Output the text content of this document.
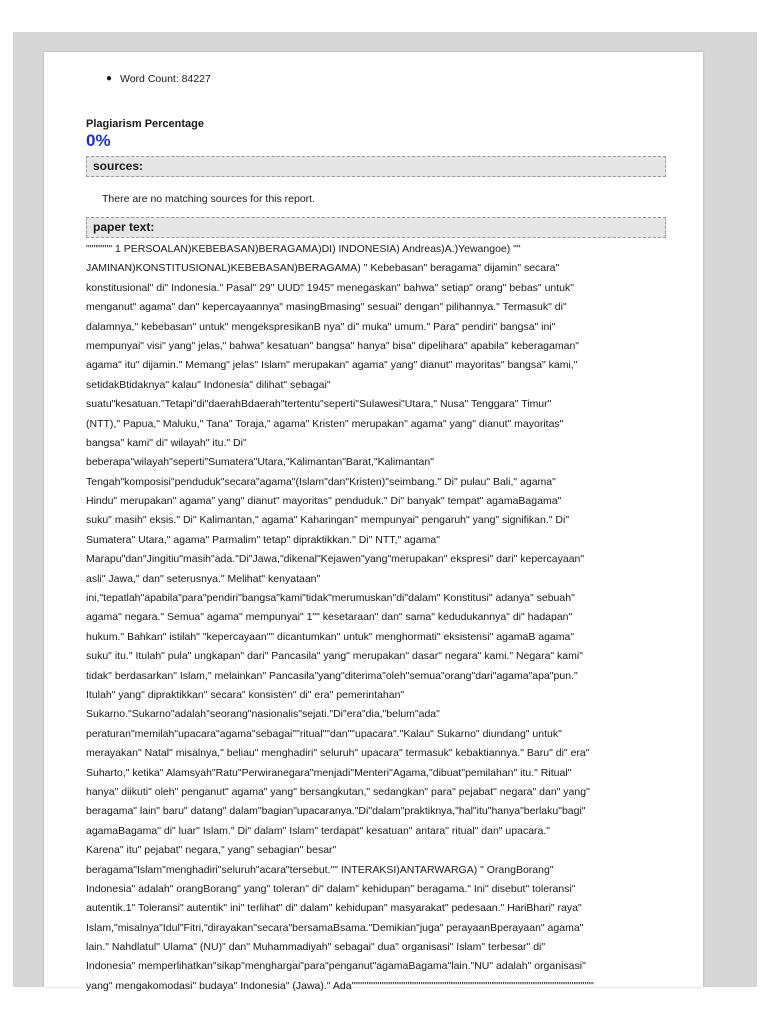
● Word Count: 84227
Plagiarism Percentage
0%
sources:
There are no matching sources for this report.
paper text:
""""""" 1 PERSOALAN)KEBEBASAN)BERAGAMA)DI) INDONESIA) Andreas)A.)Yewangoe) ""
JAMINAN)KONSTITUSIONAL)KEBEBASAN)BERAGAMA) " Kebebasan" beragama" dijamin" secara"
konstitusional" di" Indonesia." Pasal" 29" UUD" 1945" menegaskan" bahwa" setiap" orang" bebas" untuk"
menganut" agama" dan" kepercayaannya" masingBmasing" sesuai" dengan" pilihannya." Termasuk" di"
dalamnya," kebebasan" untuk" mengekspresikanB nya" di" muka" umum." Para" pendiri" bangsa" ini"
mempunyai" visi" yang" jelas," bahwa" kesatuan" bangsa" hanya" bisa" dipelihara" apabila" keberagaman"
agama" itu" dijamin." Memang" jelas" Islam" merupakan" agama" yang" dianut" mayoritas" bangsa" kami,"
setidakBtidaknya" kalau" Indonesia" dilihat" sebagai"
suatu"kesatuan."Tetapi"di"daerahBdaerah"tertentu"seperti"Sulawesi"Utara," Nusa" Tenggara" Timur"
(NTT)," Papua," Maluku," Tana" Toraja," agama" Kristen" merupakan" agama" yang" dianut" mayoritas"
bangsa" kami" di" wilayah" itu." Di"
beberapa"wilayah"seperti"Sumatera"Utara,"Kalimantan"Barat,"Kalimantan"
Tengah"komposisi"penduduk"secara"agama"(Islam"dan"Kristen)"seimbang." Di" pulau" Bali," agama"
Hindu" merupakan" agama" yang" dianut" mayoritas" penduduk." Di" banyak" tempat" agamaBagama"
suku" masih" eksis." Di" Kalimantan," agama" Kaharingan" mempunyai" pengaruh" yang" signifikan." Di"
Sumatera" Utara," agama" Parmalim" tetap" dipraktikkan." Di" NTT," agama"
Marapu"dan"Jingitiu"masih"ada."Di"Jawa,"dikenal"Kejawen"yang"merupakan" ekspresi" dari" kepercayaan"
asli" Jawa," dan" seterusnya." Melihat" kenyataan"
ini,"tepatlah"apabila"para"pendiri"bangsa"kami"tidak"merumuskan"di"dalam" Konstitusi" adanya" sebuah"
agama" negara." Semua" agama" mempunyai" 1"" kesetaraan" dan" sama" kedudukannya" di" hadapan"
hukum." Bahkan" istilah" "kepercayaan"" dicantumkan" untuk" menghormati" eksistensi" agamaB agama"
suku" itu." Itulah" pula" ungkapan" dari" Pancasila" yang" merupakan" dasar" negara" kami." Negara" kami"
tidak" berdasarkan" Islam," melainkan" Pancasila"yang"diterima"oleh"semua"orang"dari"agama"apa"pun."
Itulah" yang" dipraktikkan" secara" konsisten" di" era" pemerintahan"
Sukarno."Sukarno"adalah"seorang"nasionalis"sejati."Di"era"dia,"belum"ada"
peraturan"memilah"upacara"agama"sebagai""ritual""dan""upacara"."Kalau" Sukarno" diundang" untuk"
merayakan" Natal" misalnya," beliau" menghadiri" seluruh" upacara" termasuk" kebaktiannya." Baru" di" era"
Suharto," ketika" Alamsyah"Ratu"Perwiranegara"menjadi"Menteri"Agama,"dibuat"pemilahan" itu." Ritual"
hanya" diikuti" oleh" penganut" agama" yang" bersangkutan," sedangkan" para" pejabat" negara" dan" yang"
beragama" lain" baru" datang" dalam"bagian"upacaranya."Di"dalam"praktiknya,"hal"itu"hanya"berlaku"bagi"
agamaBagama" di" luar" Islam." Di" dalam" Islam" terdapat" kesatuan" antara" ritual" dan" upacara."
Karena" itu" pejabat" negara," yang" sebagian" besar"
beragama"Islam"menghadiri"seluruh"acara"tersebut."" INTERAKSI)ANTARWARGA) " OrangBorang"
Indonesia" adalah" orangBorang" yang" toleran" di" dalam" kehidupan" beragama." Ini" disebut" toleransi"
autentik.1" Toleransi" autentik" ini" terlihat" di" dalam" kehidupan" masyarakat" pedesaan." HariBhari" raya"
Islam,"misalnya"Idul"Fitri,"dirayakan"secara"bersamaBsama."Demikian"juga" perayaanBperayaan" agama"
lain." Nahdlatul" Ulama" (NU)" dan" Muhammadiyah" sebagai" dua" organisasi" Islam" terbesar" di"
Indonesia" memperlihatkan"sikap"menghargai"para"penganut"agamaBagama"lain."NU" adalah" organisasi"
yang" mengakomodasi" budaya" Indonesia" (Jawa)." Ada"""""""""""""""""""""""""""""""""""""""""""""""""""""""""""""""""
